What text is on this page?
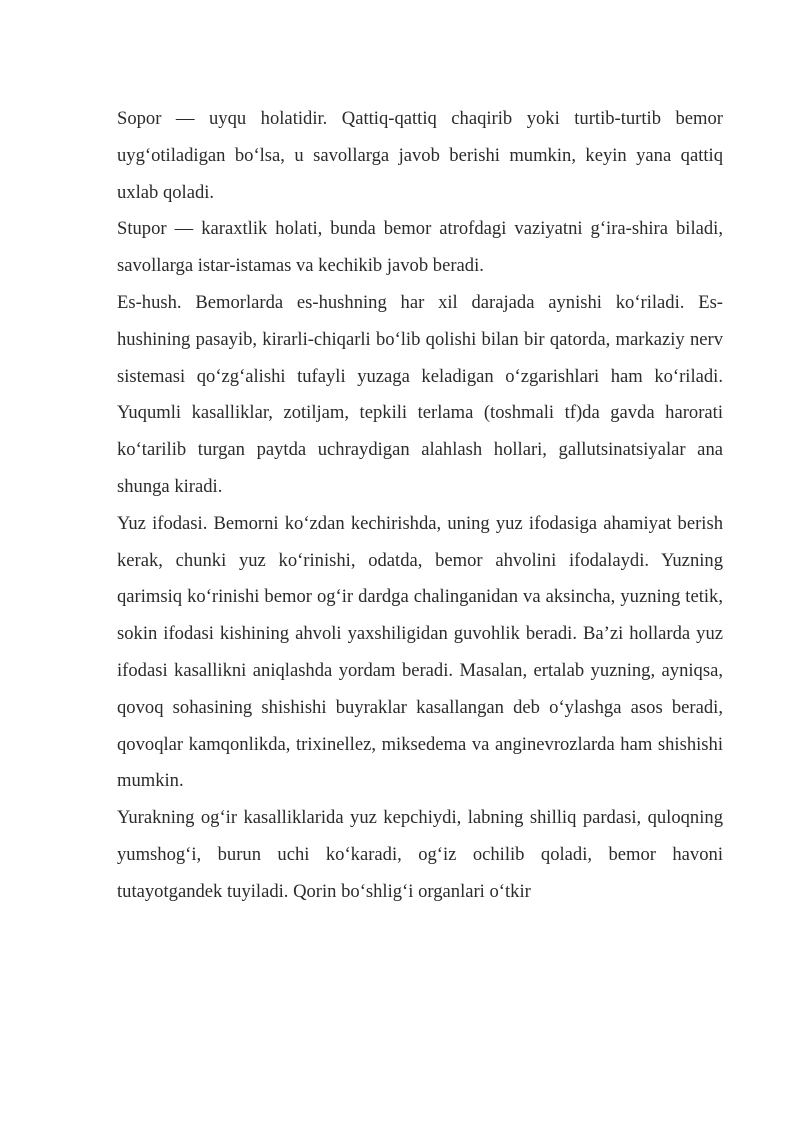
Sopor — uyqu holatidir. Qattiq-qattiq chaqirib yoki turtib-turtib bemor uyg‘otiladigan bo‘lsa, u savollarga javob berishi mumkin, keyin yana qattiq uxlab qoladi.

Stupor — karaxtlik holati, bunda bemor atrofdagi vaziyatni g‘ira-shira biladi, savollarga istar-istamas va kechikib javob beradi.

Es-hush. Bemorlarda es-hushning har xil darajada aynishi ko‘riladi. Es-hushining pasayib, kirarli-chiqarli bo‘lib qolishi bilan bir qatorda, markaziy nerv sistemasi qo‘zg‘alishi tufayli yuzaga keladigan o‘zgarishlari ham ko‘riladi. Yuqumli kasalliklar, zotiljam, tepkili terlama (toshmali tf)da gavda harorati ko‘tarilib turgan paytda uchraydigan alahlash hollari, gallutsinatsiyalar ana shunga kiradi.

Yuz ifodasi. Bemorni ko‘zdan kechirishda, uning yuz ifodasiga ahamiyat berish kerak, chunki yuz ko‘rinishi, odatda, bemor ahvolini ifodalaydi. Yuzning qarimsiq ko‘rinishi bemor og‘ir dardga chalinganidan va aksincha, yuzning tetik, sokin ifodasi kishining ahvoli yaxshiligidan guvohlik beradi. Ba’zi hollarda yuz ifodasi kasallikni aniqlashda yordam beradi. Masalan, ertalab yuzning, ayniqsa, qovoq sohasining shishishi buyraklar kasallangan deb o‘ylashga asos beradi, qovoqlar kamqonlikda, trixinellez, miksedema va anginevrozlarda ham shishishi mumkin.

Yurakning og‘ir kasalliklarida yuz kepchiydi, labning shilliq pardasi, quloqning yumshog‘i, burun uchi ko‘karadi, og‘iz ochilib qoladi, bemor havoni tutayotgandek tuyiladi. Qorin bo‘shlig‘i organlari o‘tkir
